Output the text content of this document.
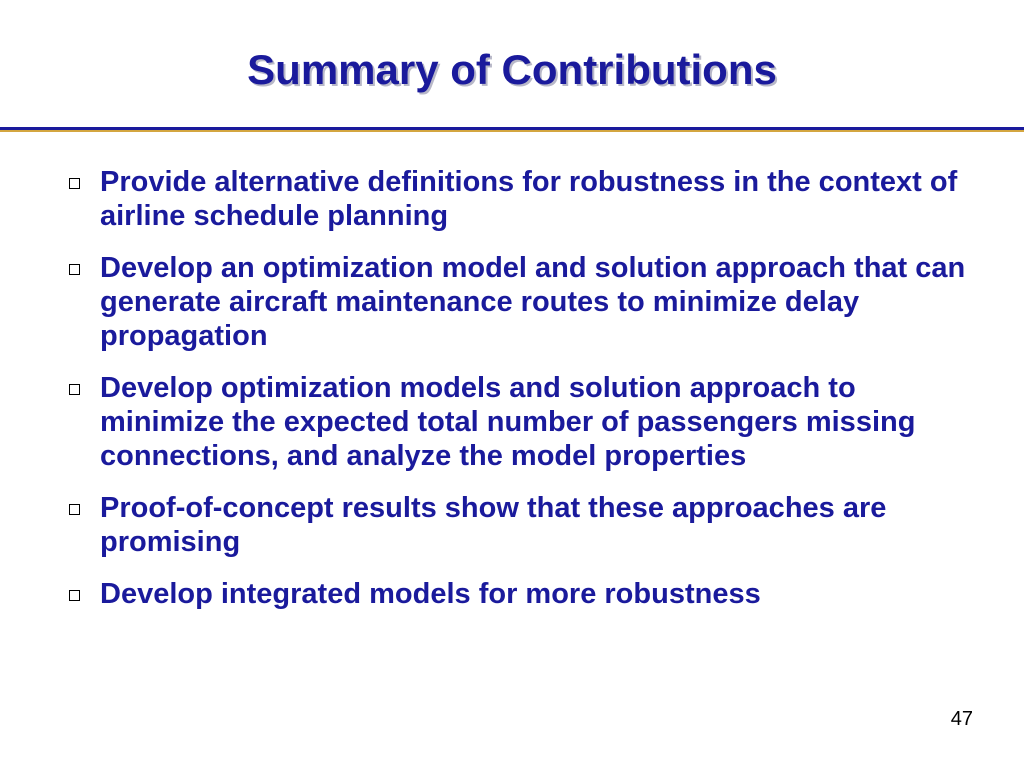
Summary of Contributions
Provide alternative definitions for robustness in the context of airline schedule planning
Develop an optimization model and solution approach that can generate aircraft maintenance routes to minimize delay propagation
Develop optimization models and solution approach to minimize the expected total number of passengers missing connections, and analyze the model properties
Proof-of-concept results show that these approaches are promising
Develop integrated models for more robustness
47
